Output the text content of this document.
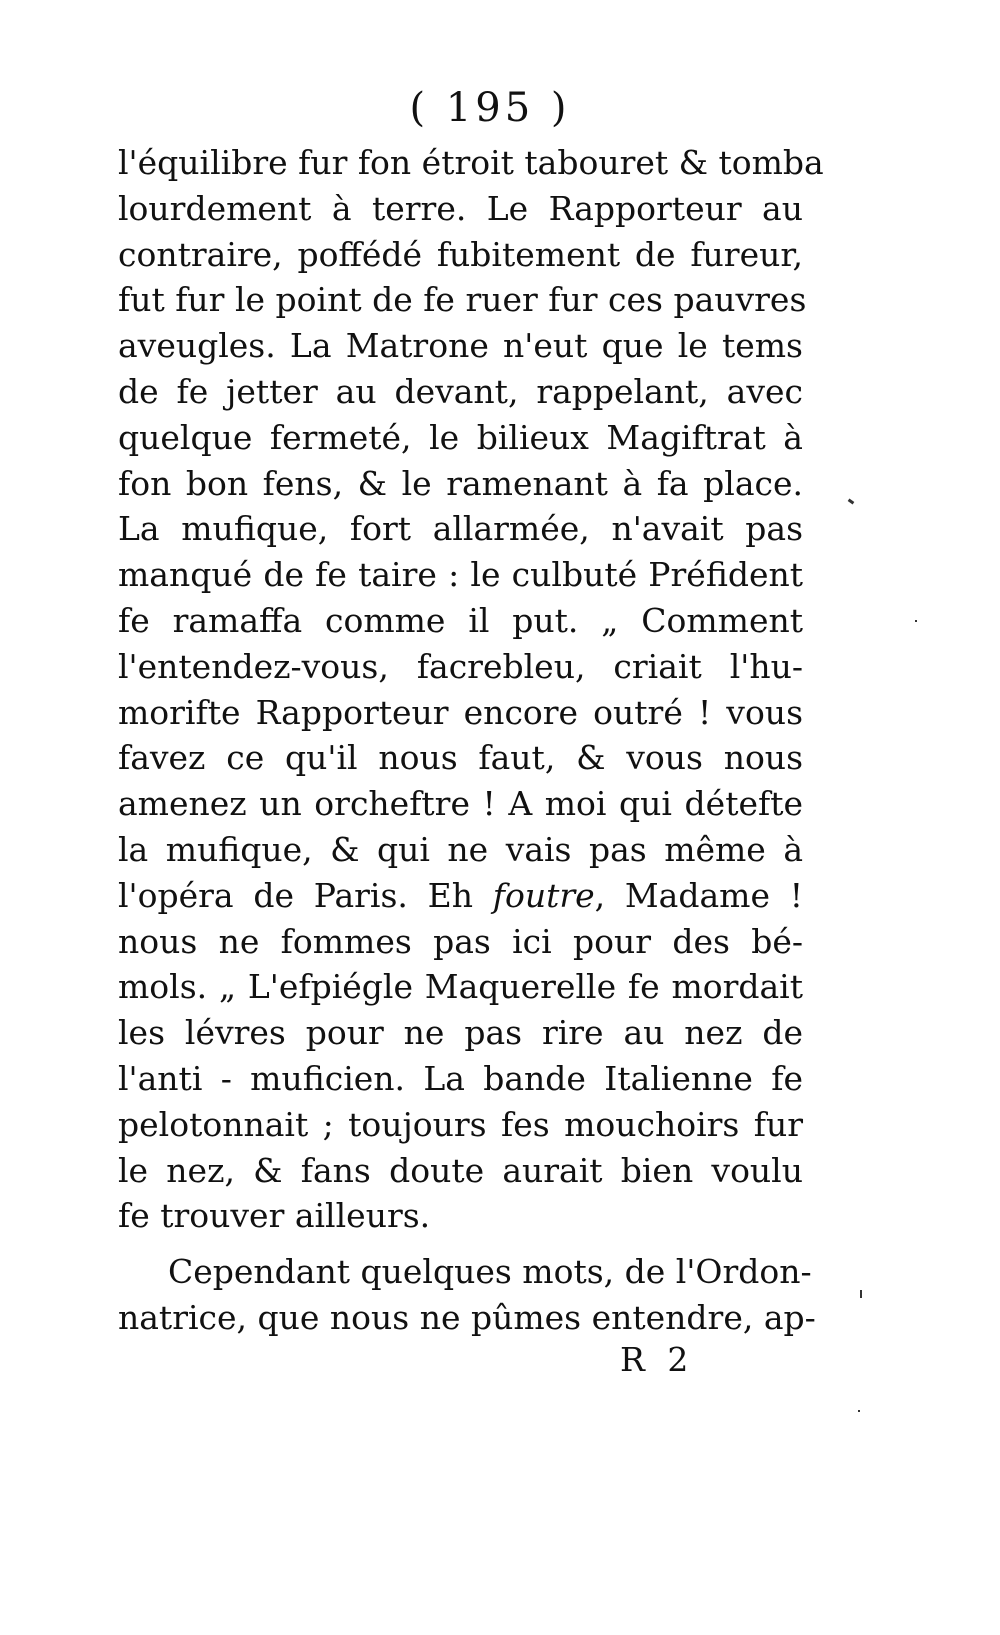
( 195 )
l'équilibre fur fon étroit tabouret & tomba
lourdement à terre. Le Rapporteur au
contraire, poffédé fubitement de fureur,
fut fur le point de fe ruer fur ces pauvres
aveugles. La Matrone n'eut que le tems
de fe jetter au devant, rappelant, avec
quelque fermeté, le bilieux Magiftrat à
fon bon fens, & le ramenant à fa place.
La mufique, fort allarmée, n'avait pas
manqué de fe taire : le culbuté Préfident
fe ramaffa comme il put. „ Comment
l'entendez-vous, facrebleu, criait l'hu-
morifte Rapporteur encore outré ! vous
favez ce qu'il nous faut, & vous nous
amenez un orcheftre ! A moi qui détefte
la mufique, & qui ne vais pas même à
l'opéra de Paris. Eh foutre, Madame !
nous ne fommes pas ici pour des bé-
mols. „ L'efpiégle Maquerelle fe mordait
les lévres pour ne pas rire au nez de
l'anti - muficien. La bande Italienne fe
pelotonnait ; toujours fes mouchoirs fur
le nez, & fans doute aurait bien voulu
fe trouver ailleurs.
Cependant quelques mots, de l'Ordon-
natrice, que nous ne pûmes entendre, ap-
R 2
